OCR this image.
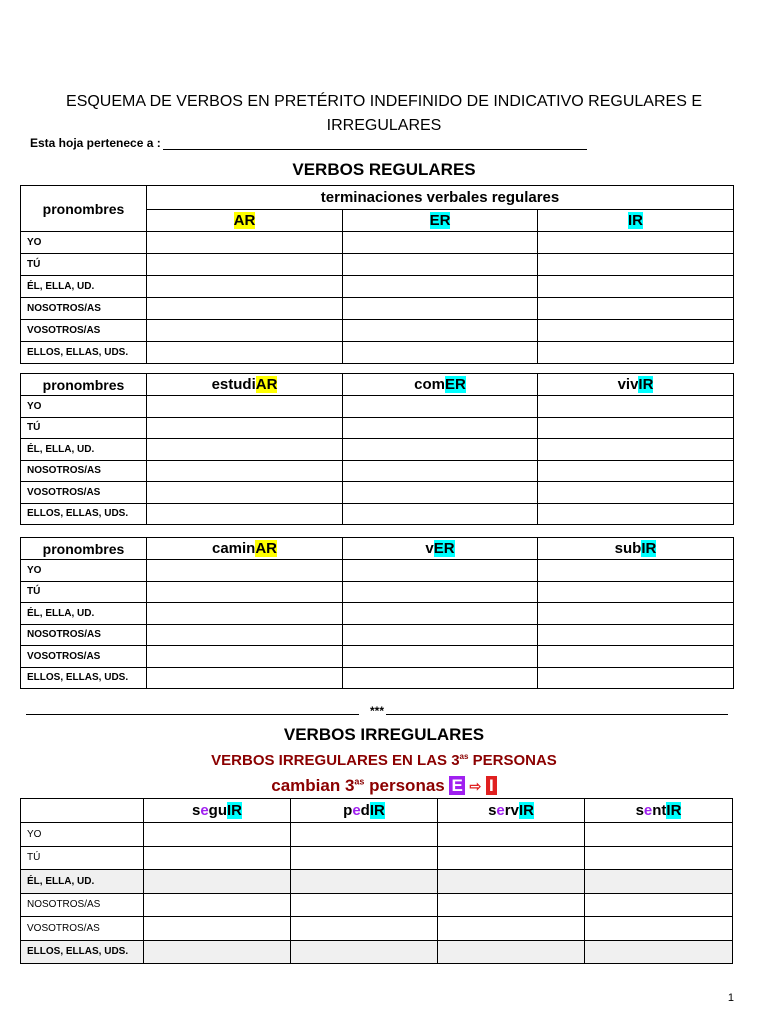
ESQUEMA DE VERBOS EN PRETÉRITO INDEFINIDO DE INDICATIVO REGULARES E IRREGULARES
Esta hoja pertenece a :
VERBOS REGULARES
pronombres	terminaciones verbales regulares		
	AR	ER	IR
YO			
TÚ			
ÉL, ELLA, UD.			
NOSOTROS/AS			
VOSOTROS/AS			
ELLOS, ELLAS, UDS.			
pronombres	estudiAR	comER	vivIR
YO			
TÚ			
ÉL, ELLA, UD.			
NOSOTROS/AS			
VOSOTROS/AS			
ELLOS, ELLAS, UDS.			
pronombres	caminAR	vER	subIR
YO			
TÚ			
ÉL, ELLA, UD.			
NOSOTROS/AS			
VOSOTROS/AS			
ELLOS, ELLAS, UDS.			
***
VERBOS IRREGULARES
VERBOS IRREGULARES EN LAS $3^{as}$ PERSONAS
cambian $3^{as}$ personas E ⇨ I
	seguIR	pedIR	servIR	sentIR
YO				
TÚ				
ÉL, ELLA, UD.				
NOSOTROS/AS				
VOSOTROS/AS				
ELLOS, ELLAS, UDS.				
1
